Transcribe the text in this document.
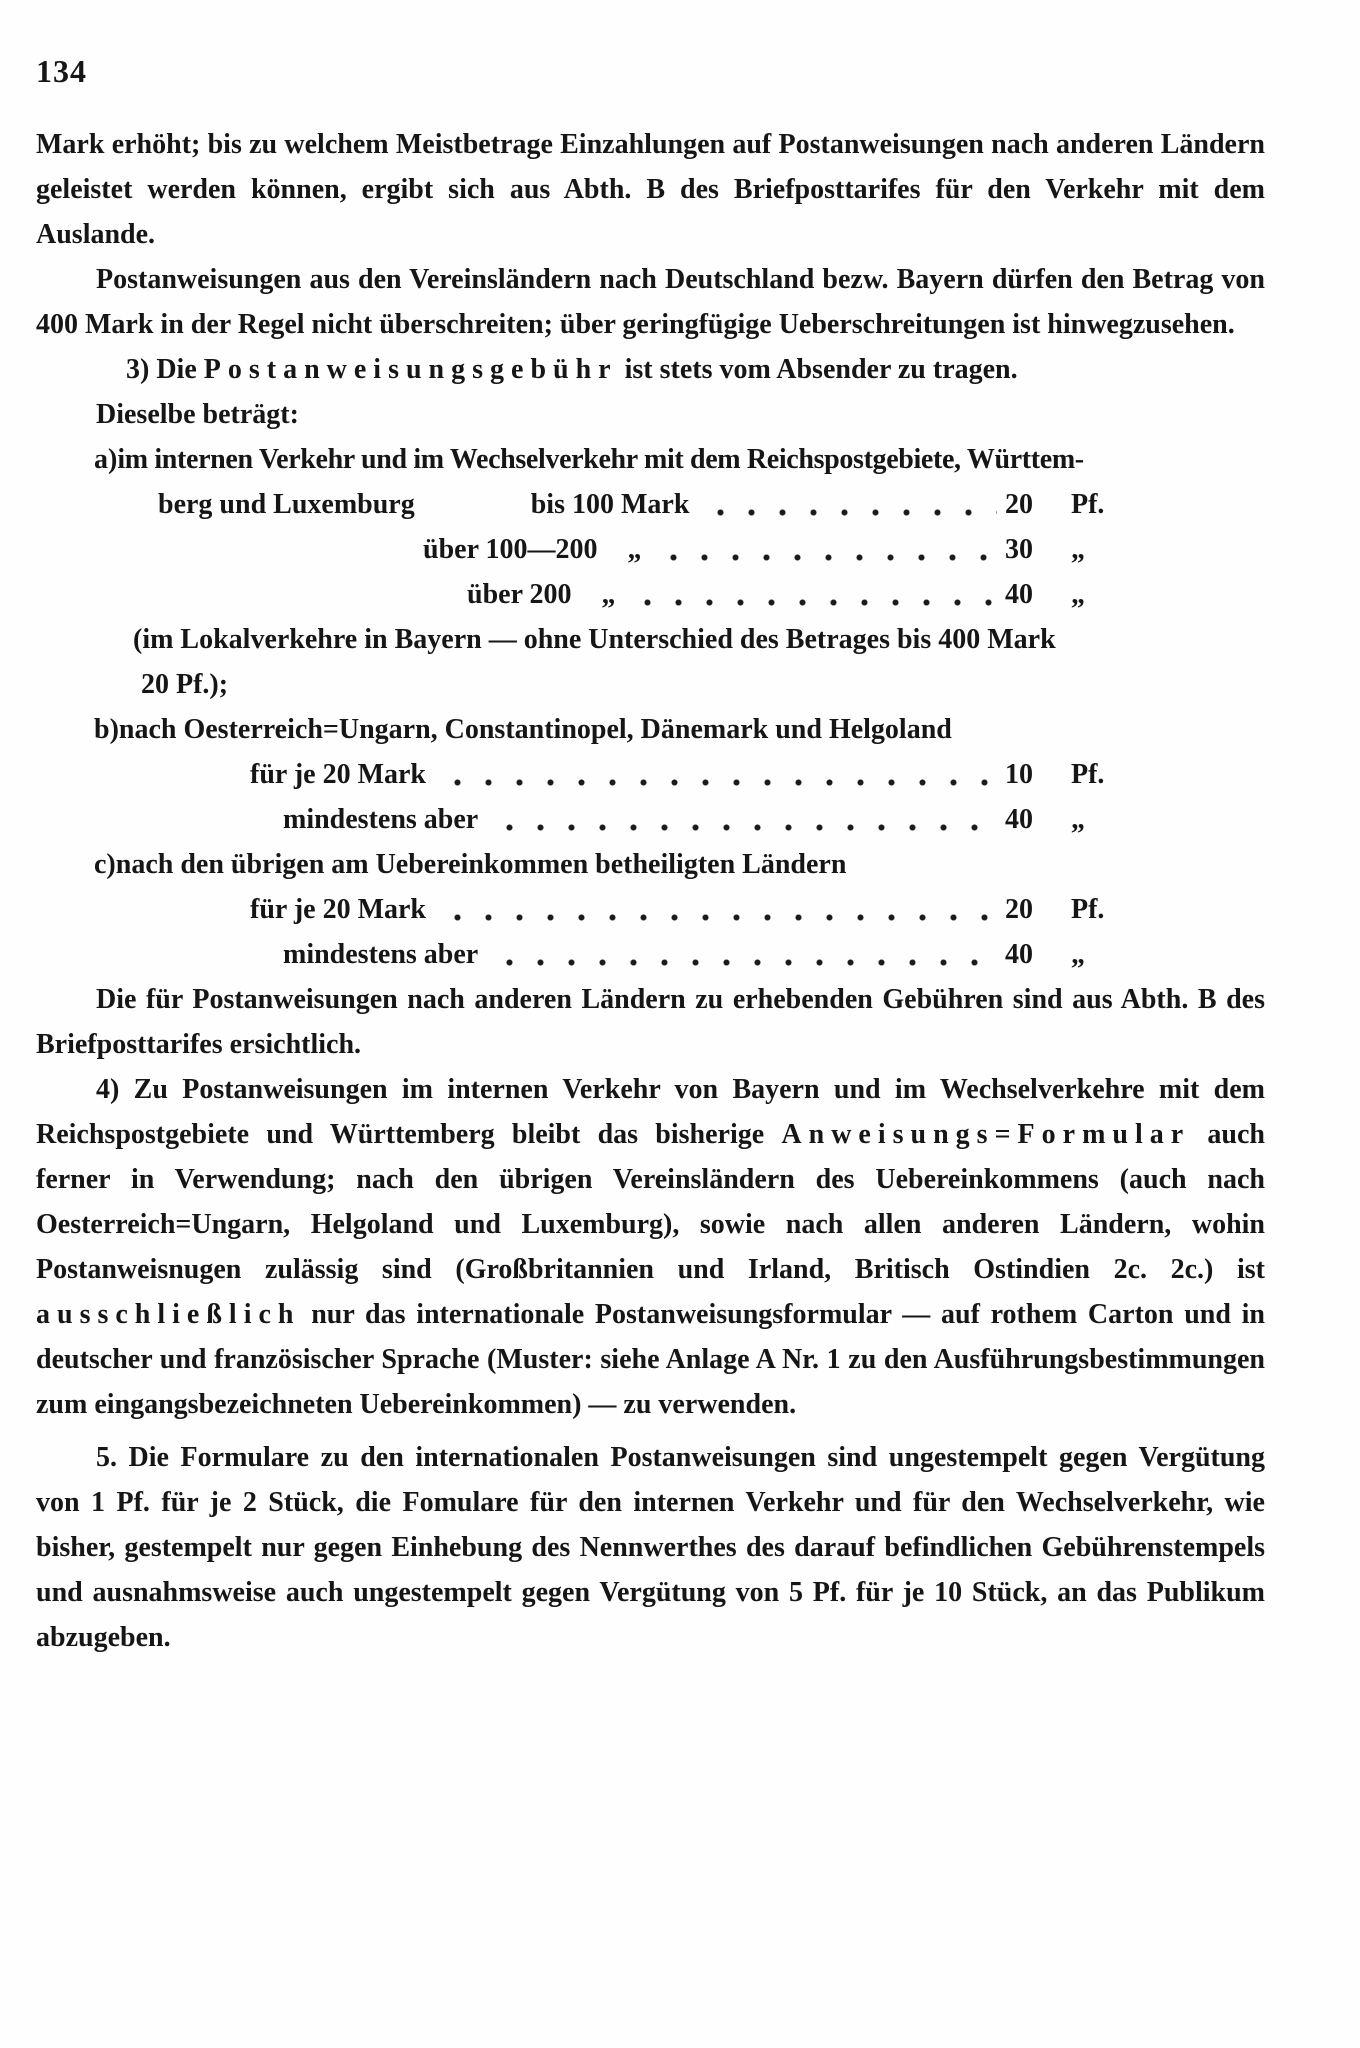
134

Mark erhöht; bis zu welchem Meistbetrage Einzahlungen auf Postanweisungen nach anderen Ländern geleistet werden können, ergibt sich aus Abth. B des Briefposttarifes für den Verkehr mit dem Auslande.

Postanweisungen aus den Vereinsländern nach Deutschland bezw. Bayern dürfen den Betrag von 400 Mark in der Regel nicht überschreiten; über geringfügige Ueberschreitungen ist hinwegzusehen.

3) Die Postanweisungsgebühr ist stets vom Absender zu tragen.

Dieselbe beträgt:

a) im internen Verkehr und im Wechselverkehr mit dem Reichspostgebiete, Württem-
berg und Luxemburg	bis 100 Mark	20	Pf.
über 100—200 „	30	„
über 200 „	40	„

(im Lokalverkehre in Bayern — ohne Unterschied des Betrages bis 400 Mark

20 Pf.);

b) nach Oesterreich=Ungarn, Constantinopel, Dänemark und Helgoland
für je 20 Mark	10	Pf.
mindestens aber	40	„
c) nach den übrigen am Uebereinkommen betheiligten Ländern
für je 20 Mark	20	Pf.
mindestens aber	40	„

Die für Postanweisungen nach anderen Ländern zu erhebenden Gebühren sind aus Abth. B des Briefposttarifes ersichtlich.

4) Zu Postanweisungen im internen Verkehr von Bayern und im Wechselverkehre mit dem Reichspostgebiete und Württemberg bleibt das bisherige Anweisungs=Formular auch ferner in Verwendung; nach den übrigen Vereinsländern des Uebereinkommens (auch nach Oesterreich=Ungarn, Helgoland und Luxemburg), sowie nach allen anderen Ländern, wohin Postanweisnugen zulässig sind (Großbritannien und Irland, Britisch Ostindien 2c. 2c.) ist ausschließlich nur das internationale Postanweisungsformular — auf rothem Carton und in deutscher und französischer Sprache (Muster: siehe Anlage A Nr. 1 zu den Ausführungsbestimmungen zum eingangsbezeichneten Uebereinkommen) — zu verwenden.

5. Die Formulare zu den internationalen Postanweisungen sind ungestempelt gegen Vergütung von 1 Pf. für je 2 Stück, die Fomulare für den internen Verkehr und für den Wechselverkehr, wie bisher, gestempelt nur gegen Einhebung des Nennwerthes des darauf befindlichen Gebührenstempels und ausnahmsweise auch ungestempelt gegen Vergütung von 5 Pf. für je 10 Stück, an das Publikum abzugeben.
